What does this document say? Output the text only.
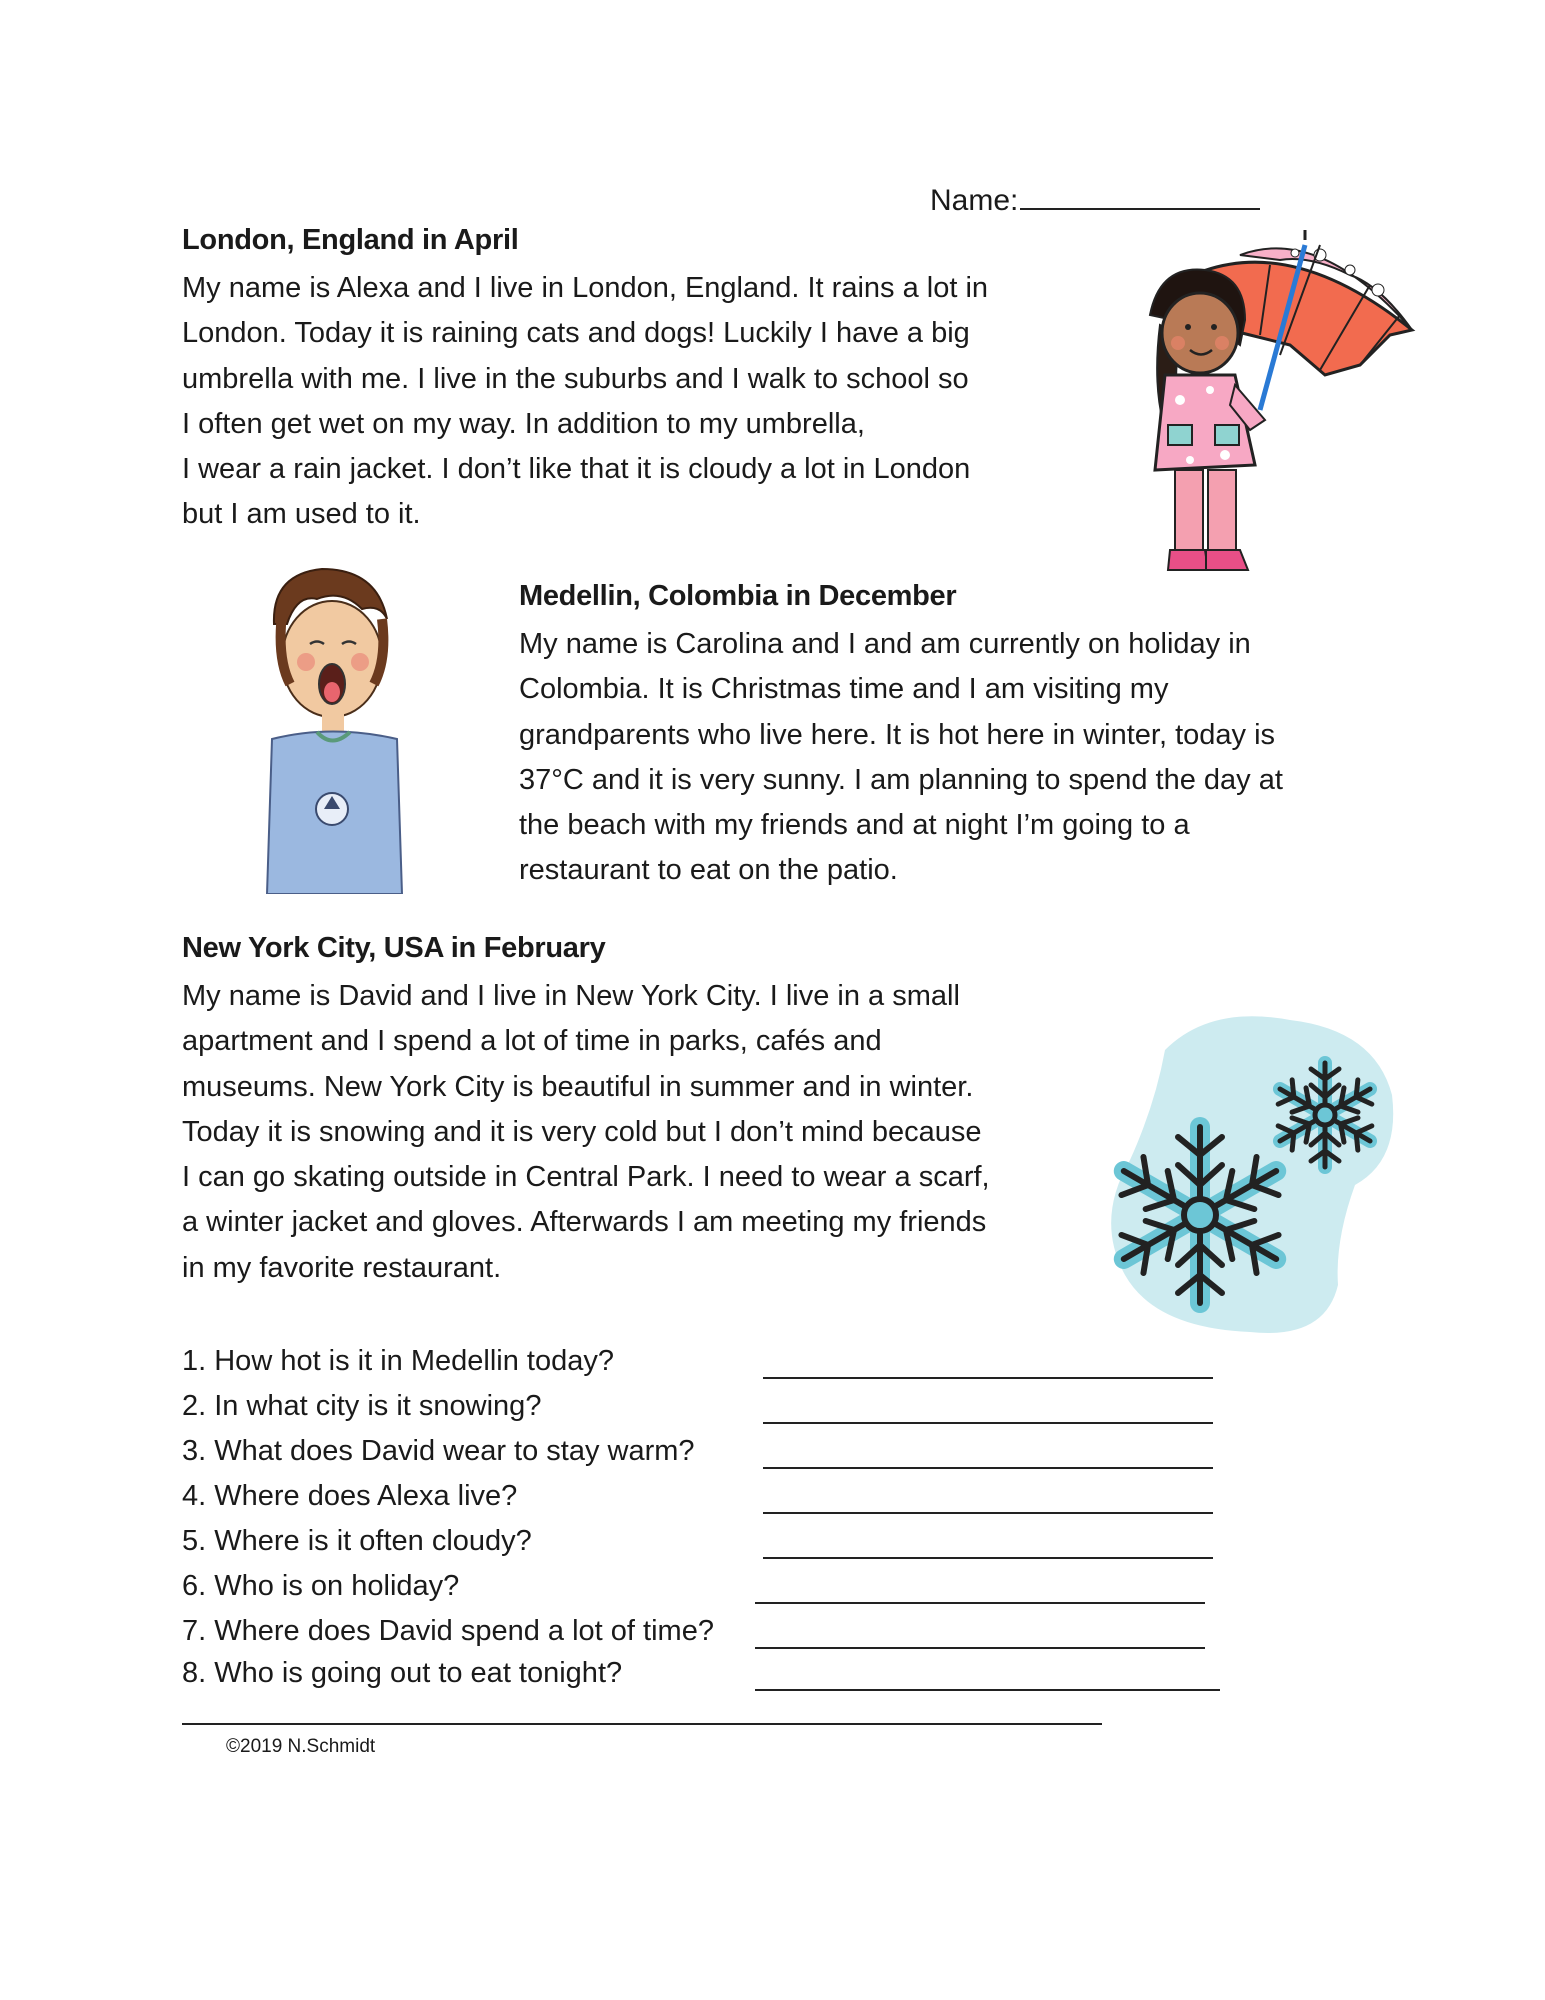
Name:
London, England in April
My name is Alexa and I live in London, England. It rains a lot in
London. Today it is raining cats and dogs! Luckily I have a big
umbrella with me. I live in the suburbs and I walk to school so
I often get wet on my way. In addition to my umbrella,
I wear a rain jacket. I don’t like that it is cloudy a lot in London
but I am used to it.
Medellin, Colombia in December
My name is Carolina and I and am currently on holiday in
Colombia. It is Christmas time and I am visiting my
grandparents who live here. It is hot here in winter, today is
37°C and it is very sunny. I am planning to spend the day at
the beach with my friends and at night I’m going to a
restaurant to eat on the patio.
New York City, USA in February
My name is David and I live in New York City. I live in a small
apartment and I spend a lot of time in parks, cafés and
museums. New York City is beautiful in summer and in winter.
Today it is snowing and it is very cold but I don’t mind because
I can go skating outside in Central Park. I need to wear a scarf,
a winter jacket and gloves. Afterwards I am meeting my friends
in my favorite restaurant.
1. How hot is it in Medellin today?
2. In what city is it snowing?
3. What does David wear to stay warm?
4. Where does Alexa live?
5. Where is it often cloudy?
6. Who is on holiday?
7. Where does David spend a lot of time?
8. Who is going out to eat tonight?
©2019 N.Schmidt
